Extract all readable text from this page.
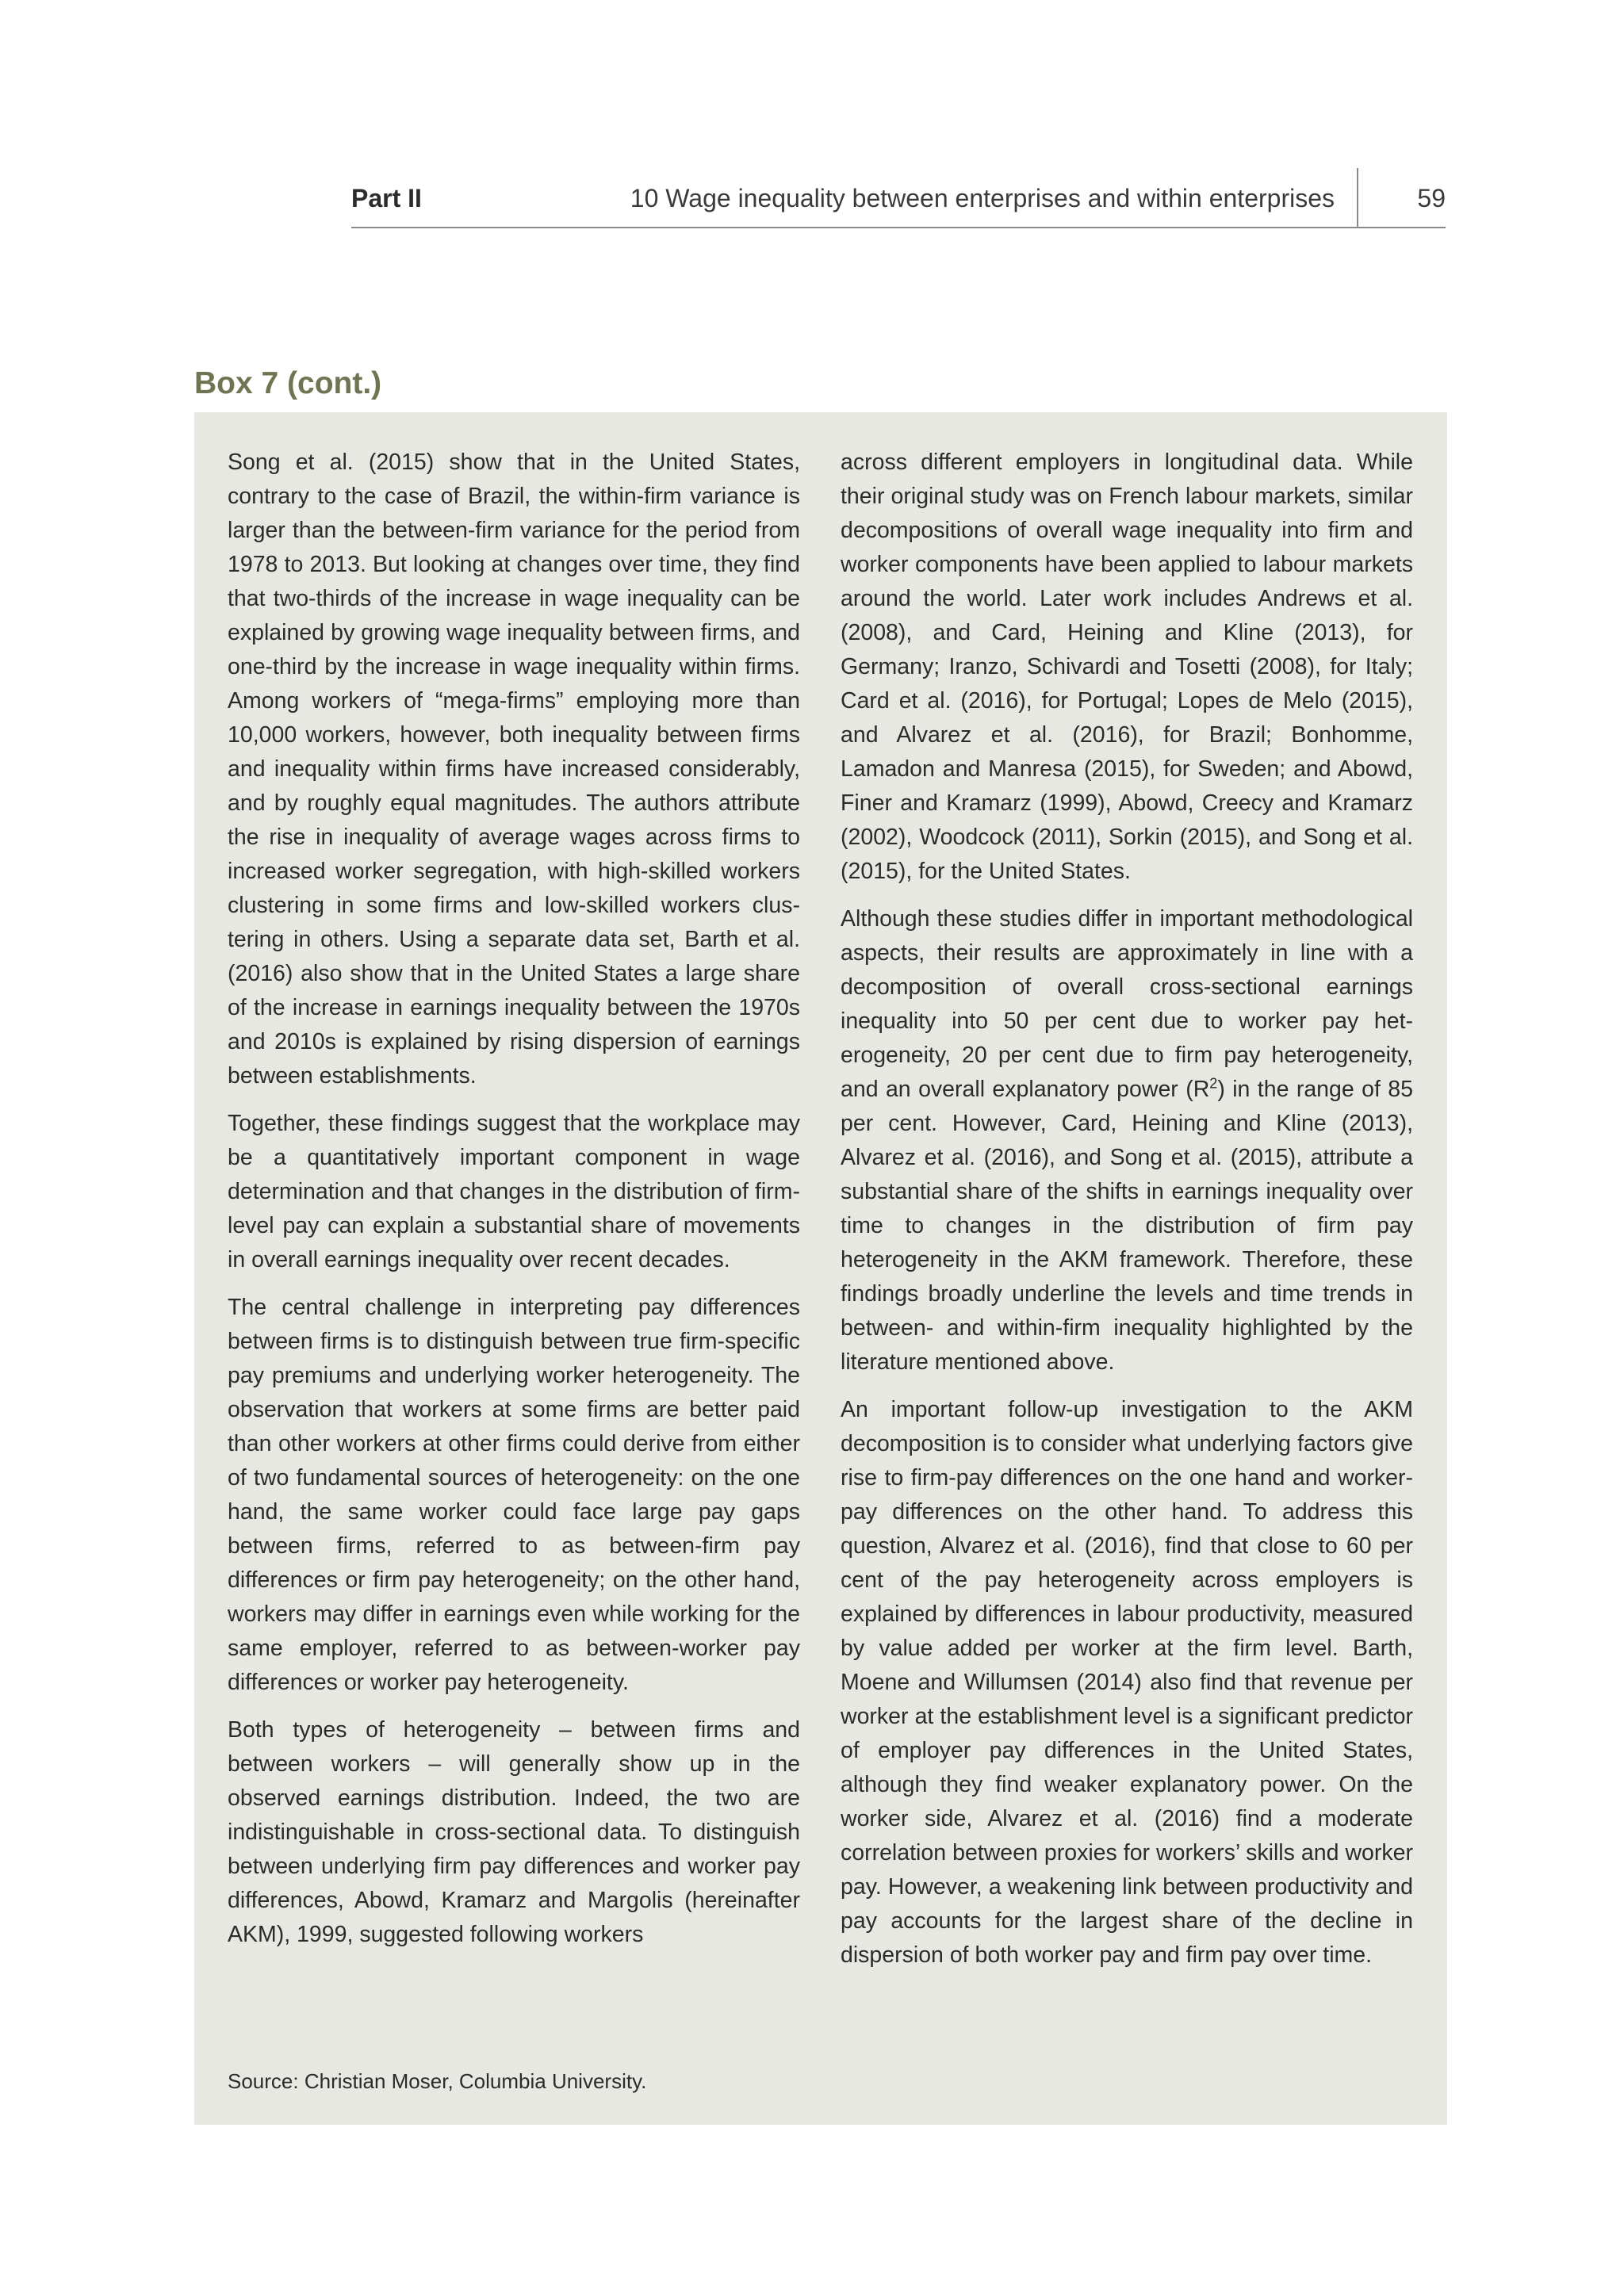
Part II	10 Wage inequality between enterprises and within enterprises	59
Box 7 (cont.)

Song et al. (2015) show that in the United States, contrary to the case of Brazil, the within-firm variance is larger than the between-firm variance for the period from 1978 to 2013. But looking at changes over time, they find that two-thirds of the increase in wage inequality can be explained by growing wage inequality between firms, and one-third by the increase in wage inequality within firms. Among workers of “mega-firms” employing more than 10,000 workers, however, both inequality between firms and inequality within firms have increased considerably, and by roughly equal magnitudes. The authors attribute the rise in inequality of average wages across firms to increased worker segregation, with high-skilled workers clustering in some firms and low-skilled workers clustering in others. Using a separate data set, Barth et al. (2016) also show that in the United States a large share of the increase in earnings inequality between the 1970s and 2010s is explained by rising dispersion of earnings between establishments.

Together, these findings suggest that the workplace may be a quantitatively important component in wage determination and that changes in the distribution of firm-level pay can explain a substantial share of movements in overall earnings inequality over recent decades.

The central challenge in interpreting pay differences between firms is to distinguish between true firm-specific pay premiums and underlying worker heterogeneity. The observation that workers at some firms are better paid than other workers at other firms could derive from either of two fundamental sources of heterogeneity: on the one hand, the same worker could face large pay gaps between firms, referred to as between-firm pay differences or firm pay heterogeneity; on the other hand, workers may differ in earnings even while working for the same employer, referred to as between-worker pay differences or worker pay heterogeneity.

Both types of heterogeneity – between firms and between workers – will generally show up in the observed earnings distribution. Indeed, the two are indistinguishable in cross-sectional data. To distinguish between underlying firm pay differences and worker pay differences, Abowd, Kramarz and Margolis (hereinafter AKM), 1999, suggested following workers

across different employers in longitudinal data. While their original study was on French labour markets, similar decompositions of overall wage inequality into firm and worker components have been applied to labour markets around the world. Later work includes Andrews et al. (2008), and Card, Heining and Kline (2013), for Germany; Iranzo, Schivardi and Tosetti (2008), for Italy; Card et al. (2016), for Portugal; Lopes de Melo (2015), and Alvarez et al. (2016), for Brazil; Bonhomme, Lamadon and Manresa (2015), for Sweden; and Abowd, Finer and Kramarz (1999), Abowd, Creecy and Kramarz (2002), Woodcock (2011), Sorkin (2015), and Song et al. (2015), for the United States.

Although these studies differ in important methodological aspects, their results are approximately in line with a decomposition of overall cross-sectional earnings inequality into 50 per cent due to worker pay heterogeneity, 20 per cent due to firm pay heterogeneity, and an overall explanatory power $(R^2)$ in the range of 85 per cent. However, Card, Heining and Kline (2013), Alvarez et al. (2016), and Song et al. (2015), attribute a substantial share of the shifts in earnings inequality over time to changes in the distribution of firm pay heterogeneity in the AKM framework. Therefore, these findings broadly underline the levels and time trends in between- and within-firm inequality highlighted by the literature mentioned above.

An important follow-up investigation to the AKM decomposition is to consider what underlying factors give rise to firm-pay differences on the one hand and worker-pay differences on the other hand. To address this question, Alvarez et al. (2016), find that close to 60 per cent of the pay heterogeneity across employers is explained by differences in labour productivity, measured by value added per worker at the firm level. Barth, Moene and Willumsen (2014) also find that revenue per worker at the establishment level is a significant predictor of employer pay differences in the United States, although they find weaker explanatory power. On the worker side, Alvarez et al. (2016) find a moderate correlation between proxies for workers’ skills and worker pay. However, a weakening link between productivity and pay accounts for the largest share of the decline in dispersion of both worker pay and firm pay over time.

Source: Christian Moser, Columbia University.
